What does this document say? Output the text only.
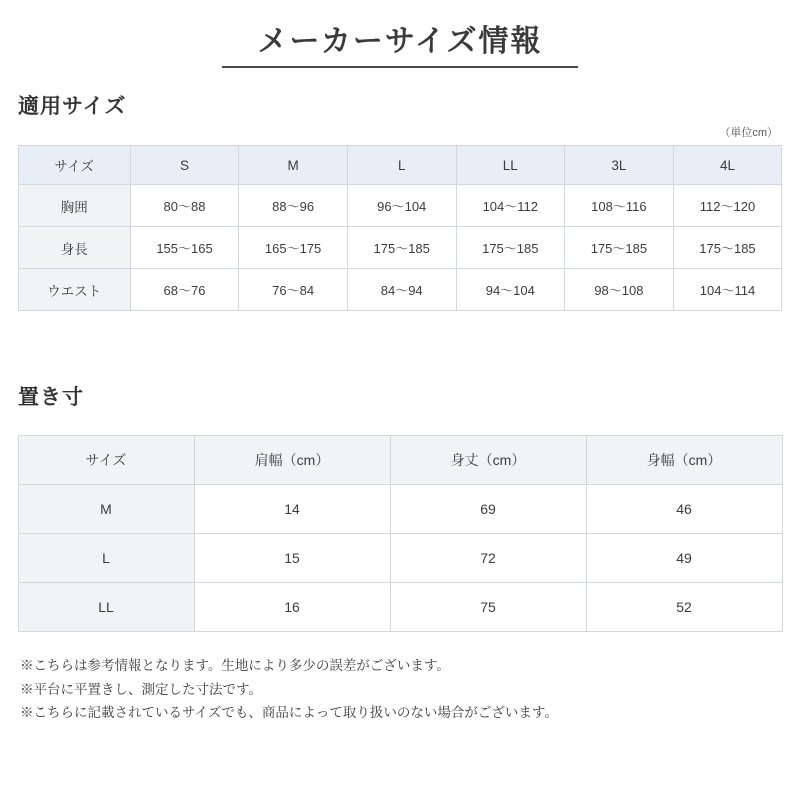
メーカーサイズ情報
適用サイズ
（単位cm）
サイズ	S	M	L	LL	3L	4L
胸囲	80〜88	88〜96	96〜104	104〜112	108〜116	112〜120
身長	155〜165	165〜175	175〜185	175〜185	175〜185	175〜185
ウエスト	68〜76	76〜84	84〜94	94〜104	98〜108	104〜114
置き寸
サイズ	肩幅（cm）	身丈（cm）	身幅（cm）
M	14	69	46
L	15	72	49
LL	16	75	52
※こちらは参考情報となります。生地により多少の誤差がございます。
※平台に平置きし、測定した寸法です。
※こちらに記載されているサイズでも、商品によって取り扱いのない場合がございます。
